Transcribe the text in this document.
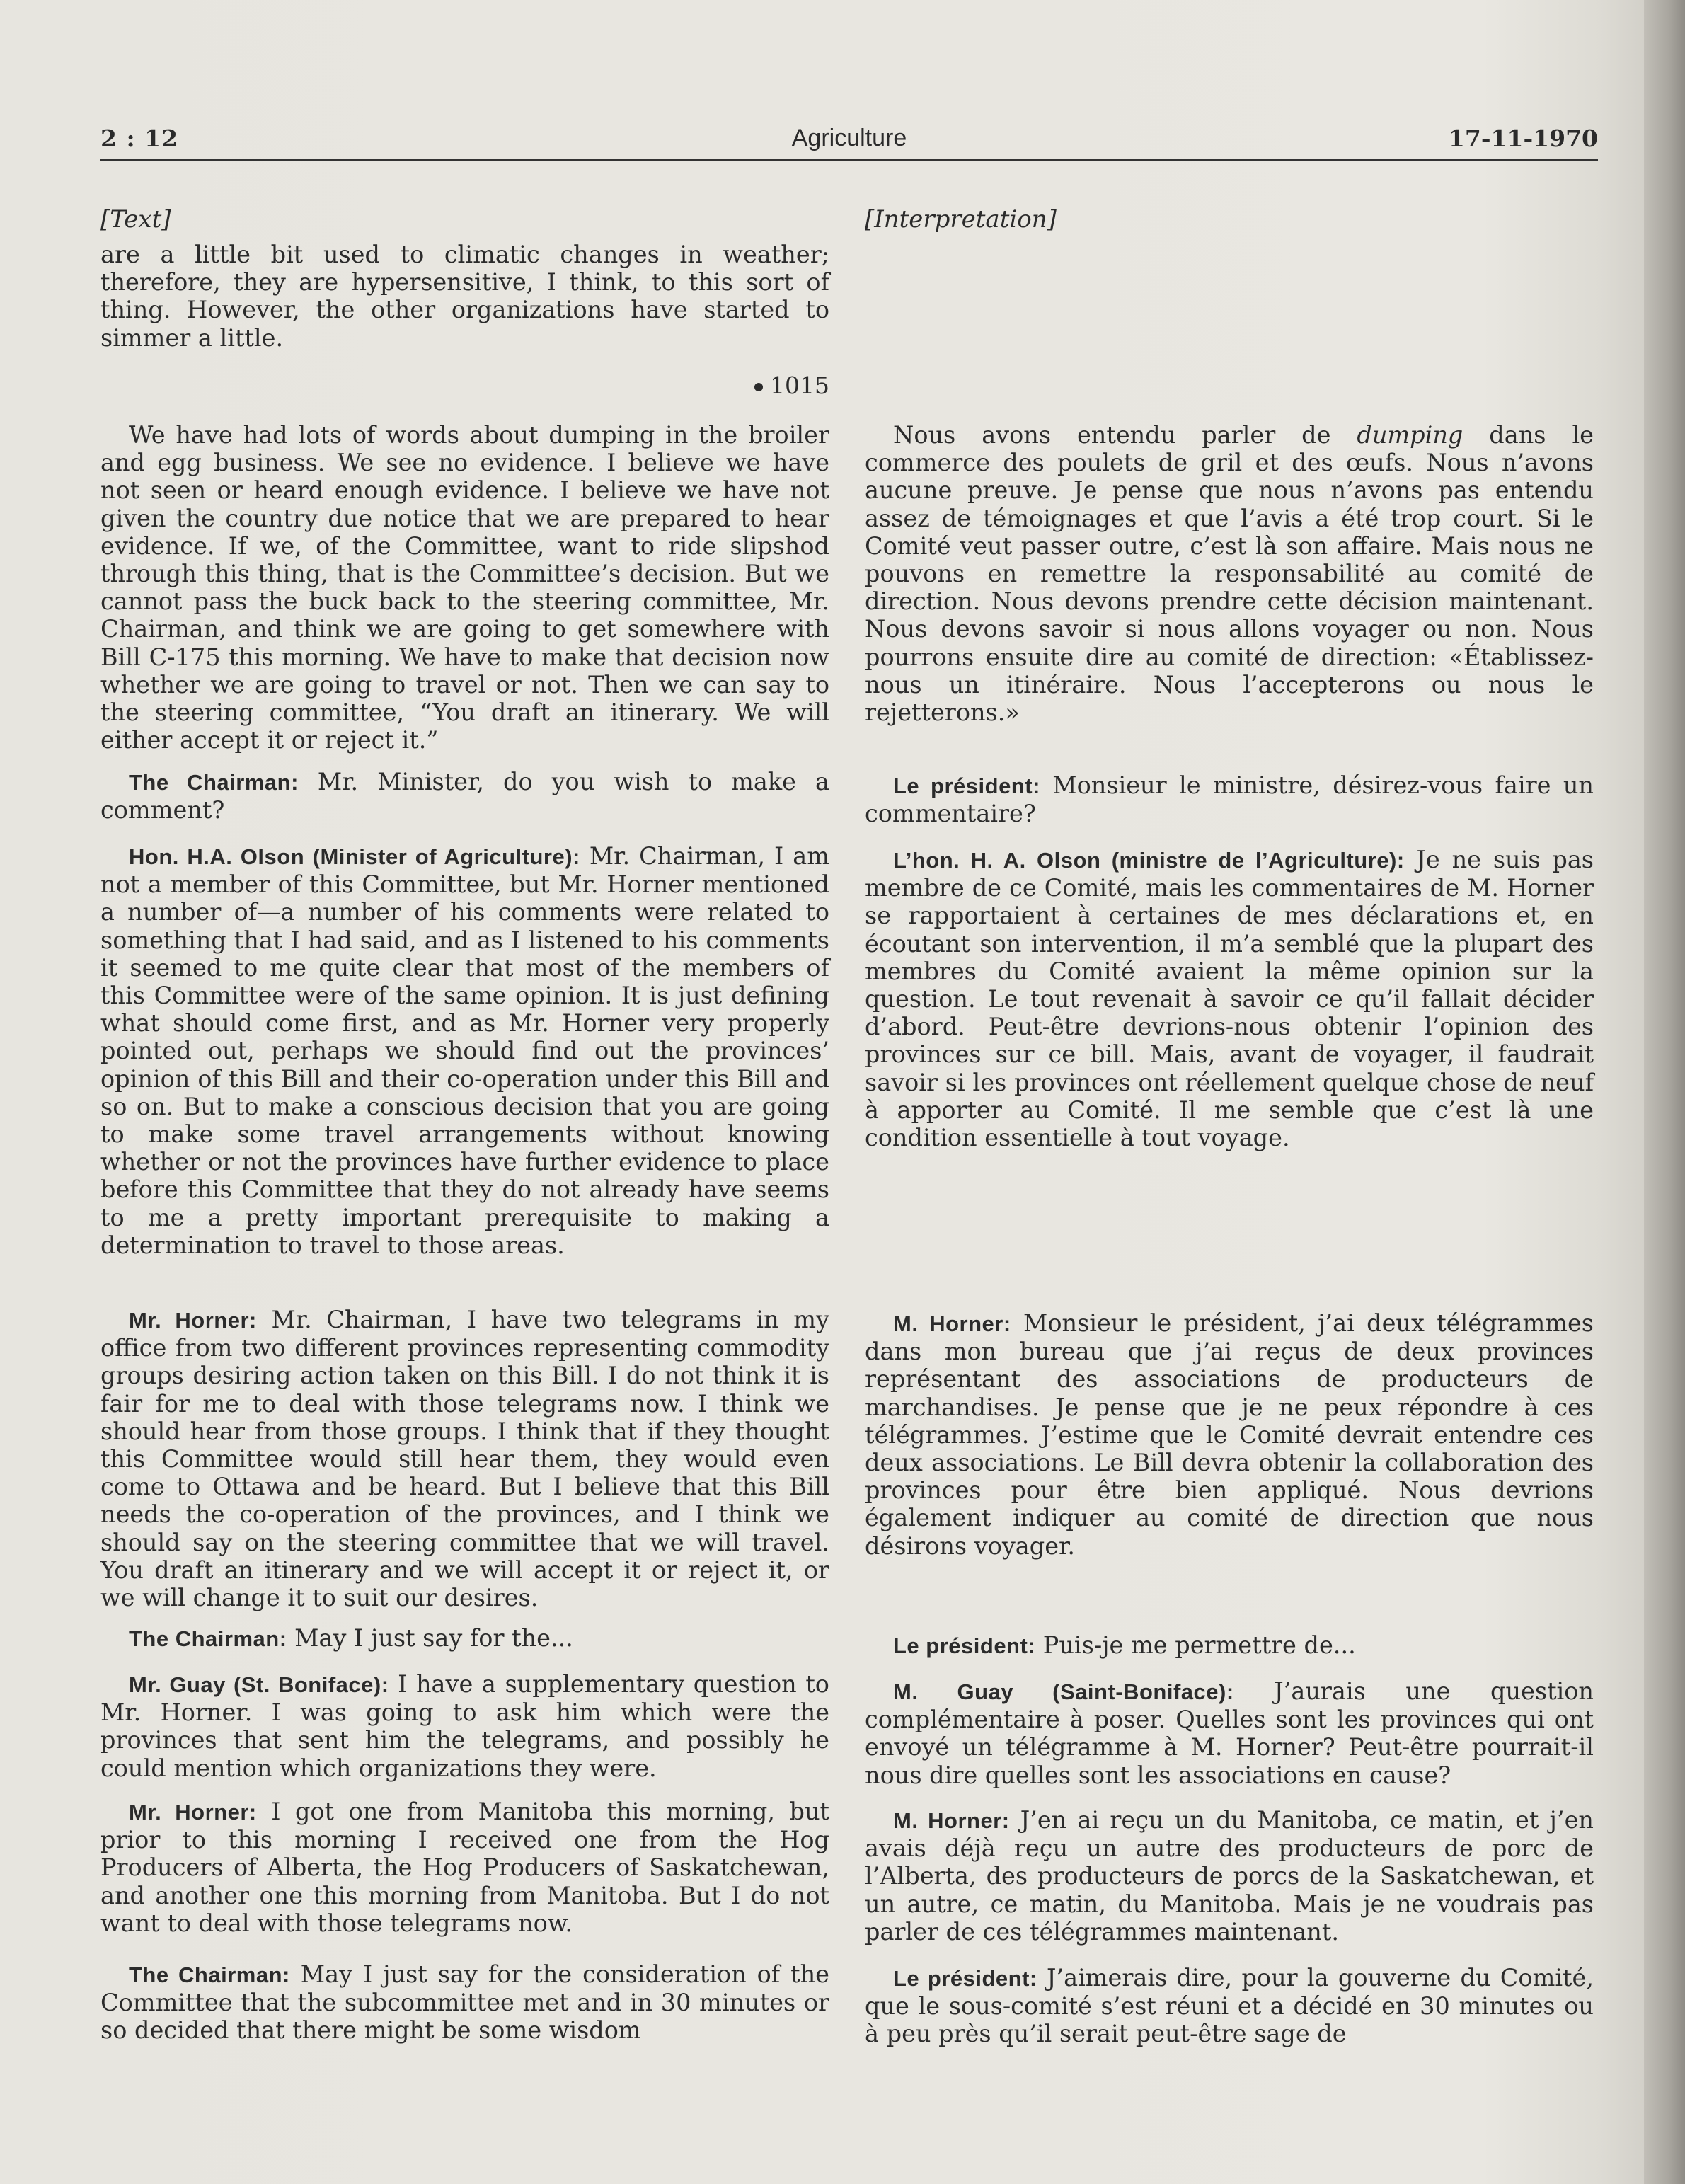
2 : 12	Agriculture	17-11-1970
[Text]

are a little bit used to climatic changes in weather; therefore, they are hypersensitive, I think, to this sort of thing. However, the other organizations have started to simmer a little.

1015

We have had lots of words about dumping in the broiler and egg business. We see no evidence. I believe we have not seen or heard enough evidence. I believe we have not given the country due notice that we are prepared to hear evidence. If we, of the Committee, want to ride slipshod through this thing, that is the Committee’s decision. But we cannot pass the buck back to the steering committee, Mr. Chairman, and think we are going to get somewhere with Bill C-175 this morning. We have to make that decision now whether we are going to travel or not. Then we can say to the steering committee, “You draft an itinerary. We will either accept it or reject it.”

The Chairman: Mr. Minister, do you wish to make a comment?

Hon. H.A. Olson (Minister of Agriculture): Mr. Chairman, I am not a member of this Committee, but Mr. Horner mentioned a number of—a number of his comments were related to something that I had said, and as I listened to his comments it seemed to me quite clear that most of the members of this Committee were of the same opinion. It is just defining what should come first, and as Mr. Horner very properly pointed out, perhaps we should find out the provinces’ opinion of this Bill and their co-operation under this Bill and so on. But to make a conscious decision that you are going to make some travel arrangements without knowing whether or not the provinces have further evidence to place before this Committee that they do not already have seems to me a pretty important prerequisite to making a determination to travel to those areas.

Mr. Horner: Mr. Chairman, I have two telegrams in my office from two different provinces representing commodity groups desiring action taken on this Bill. I do not think it is fair for me to deal with those telegrams now. I think we should hear from those groups. I think that if they thought this Committee would still hear them, they would even come to Ottawa and be heard. But I believe that this Bill needs the co-operation of the provinces, and I think we should say on the steering committee that we will travel. You draft an itinerary and we will accept it or reject it, or we will change it to suit our desires.

The Chairman: May I just say for the...

Mr. Guay (St. Boniface): I have a supplementary question to Mr. Horner. I was going to ask him which were the provinces that sent him the telegrams, and possibly he could mention which organizations they were.

Mr. Horner: I got one from Manitoba this morning, but prior to this morning I received one from the Hog Producers of Alberta, the Hog Producers of Saskatchewan, and another one this morning from Manitoba. But I do not want to deal with those telegrams now.

The Chairman: May I just say for the consideration of the Committee that the subcommittee met and in 30 minutes or so decided that there might be some wisdom

[Interpretation]

Nous avons entendu parler de dumping dans le commerce des poulets de gril et des œufs. Nous n’avons aucune preuve. Je pense que nous n’avons pas entendu assez de témoignages et que l’avis a été trop court. Si le Comité veut passer outre, c’est là son affaire. Mais nous ne pouvons en remettre la responsabilité au comité de direction. Nous devons prendre cette décision maintenant. Nous devons savoir si nous allons voyager ou non. Nous pourrons ensuite dire au comité de direction: «Établissez-nous un itinéraire. Nous l’accepterons ou nous le rejetterons.»

Le président: Monsieur le ministre, désirez-vous faire un commentaire?

L’hon. H. A. Olson (ministre de l’Agriculture): Je ne suis pas membre de ce Comité, mais les commentaires de M. Horner se rapportaient à certaines de mes déclarations et, en écoutant son intervention, il m’a semblé que la plupart des membres du Comité avaient la même opinion sur la question. Le tout revenait à savoir ce qu’il fallait décider d’abord. Peut-être devrions-nous obtenir l’opinion des provinces sur ce bill. Mais, avant de voyager, il faudrait savoir si les provinces ont réellement quelque chose de neuf à apporter au Comité. Il me semble que c’est là une condition essentielle à tout voyage.

M. Horner: Monsieur le président, j’ai deux télégrammes dans mon bureau que j’ai reçus de deux provinces représentant des associations de producteurs de marchandises. Je pense que je ne peux répondre à ces télégrammes. J’estime que le Comité devrait entendre ces deux associations. Le Bill devra obtenir la collaboration des provinces pour être bien appliqué. Nous devrions également indiquer au comité de direction que nous désirons voyager.

Le président: Puis-je me permettre de...

M. Guay (Saint-Boniface): J’aurais une question complémentaire à poser. Quelles sont les provinces qui ont envoyé un télégramme à M. Horner? Peut-être pourrait-il nous dire quelles sont les associations en cause?

M. Horner: J’en ai reçu un du Manitoba, ce matin, et j’en avais déjà reçu un autre des producteurs de porc de l’Alberta, des producteurs de porcs de la Saskatchewan, et un autre, ce matin, du Manitoba. Mais je ne voudrais pas parler de ces télégrammes maintenant.

Le président: J’aimerais dire, pour la gouverne du Comité, que le sous-comité s’est réuni et a décidé en 30 minutes ou à peu près qu’il serait peut-être sage de
